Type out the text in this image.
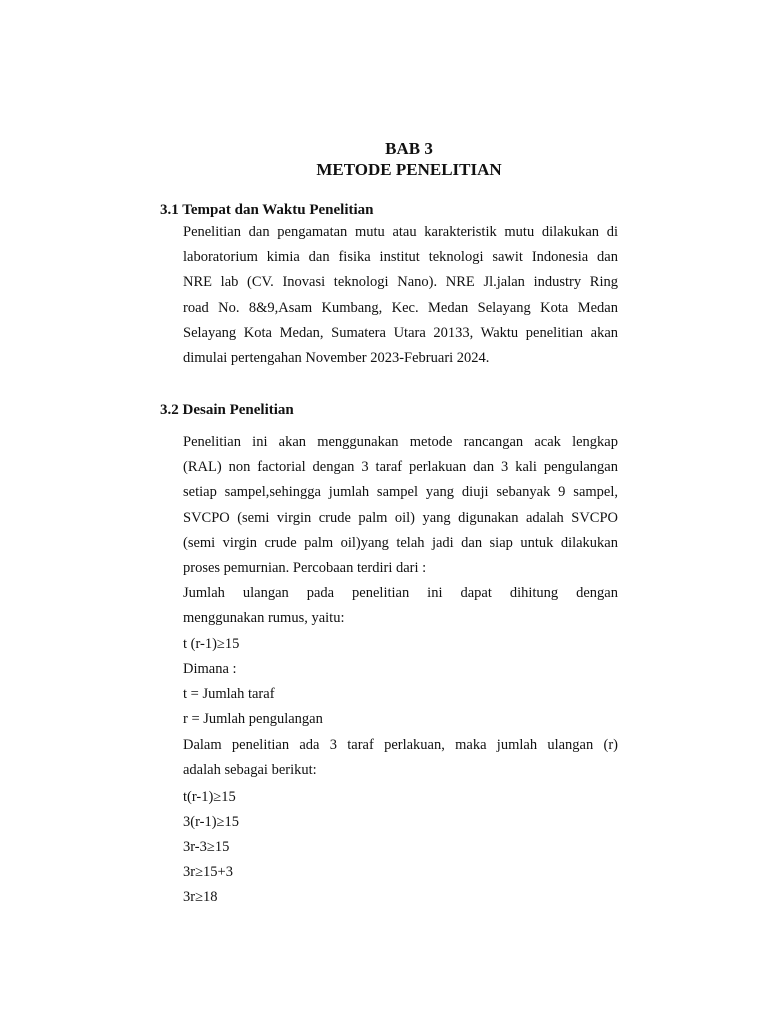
BAB 3
METODE PENELITIAN
3.1 Tempat dan Waktu Penelitian
Penelitian dan pengamatan mutu atau karakteristik mutu dilakukan di
laboratorium kimia dan fisika institut teknologi sawit Indonesia dan
NRE lab (CV. Inovasi teknologi Nano). NRE Jl.jalan industry Ring
road No. 8&9,Asam Kumbang, Kec. Medan Selayang Kota Medan
Selayang Kota Medan, Sumatera Utara 20133, Waktu penelitian akan
dimulai pertengahan November 2023-Februari 2024.
3.2 Desain Penelitian
Penelitian ini akan menggunakan metode rancangan acak lengkap
(RAL) non factorial dengan 3 taraf perlakuan dan 3 kali pengulangan
setiap sampel,sehingga jumlah sampel yang diuji sebanyak 9 sampel,
SVCPO (semi virgin crude palm oil) yang digunakan adalah SVCPO
(semi virgin crude palm oil)yang telah jadi dan siap untuk dilakukan
proses pemurnian. Percobaan terdiri dari :
Jumlah ulangan pada penelitian ini dapat dihitung dengan
menggunakan rumus, yaitu:
t (r-1)≥15
Dimana :
t = Jumlah taraf
r = Jumlah pengulangan
Dalam penelitian ada 3 taraf perlakuan, maka jumlah ulangan (r)
adalah sebagai berikut:
t(r-1)≥15
3(r-1)≥15
3r-3≥15
3r≥15+3
3r≥18
